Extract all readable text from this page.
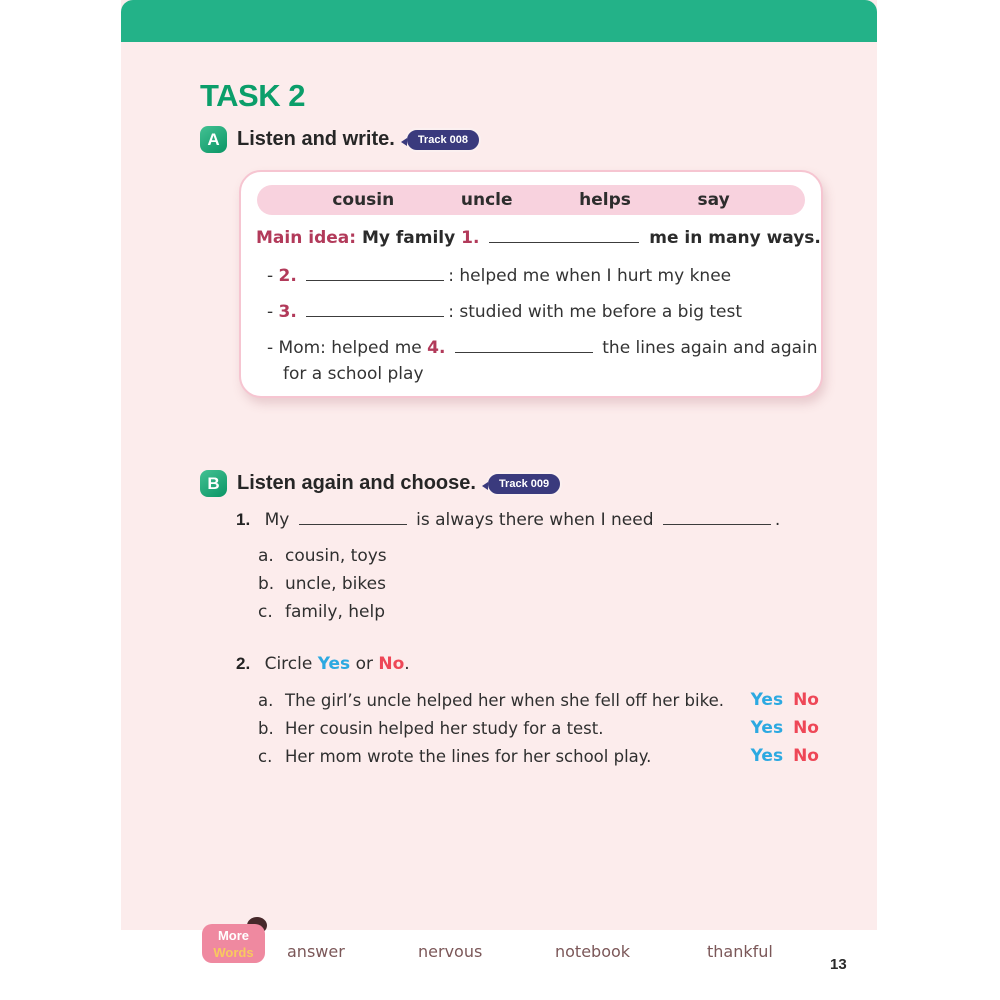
TASK 2
A Listen and write.	Track 008
cousin	uncle	helps	say
Main idea: My family 1.	me in many ways.
- 2.	: helped me when I hurt my knee
- 3.	: studied with me before a big test
- Mom: helped me 4.	the lines again and again
for a school play
B Listen again and choose.	Track 009
1. My	is always there when I need	.
a. cousin, toys
b. uncle, bikes
c. family, help
2. Circle Yes or No.
a. The girl’s uncle helped her when she fell off her bike. Yes No
b. Her cousin helped her study for a test.	Yes No
c. Her mom wrote the lines for her school play.	Yes No
More
Words	answer	nervous	notebook	thankful
13
